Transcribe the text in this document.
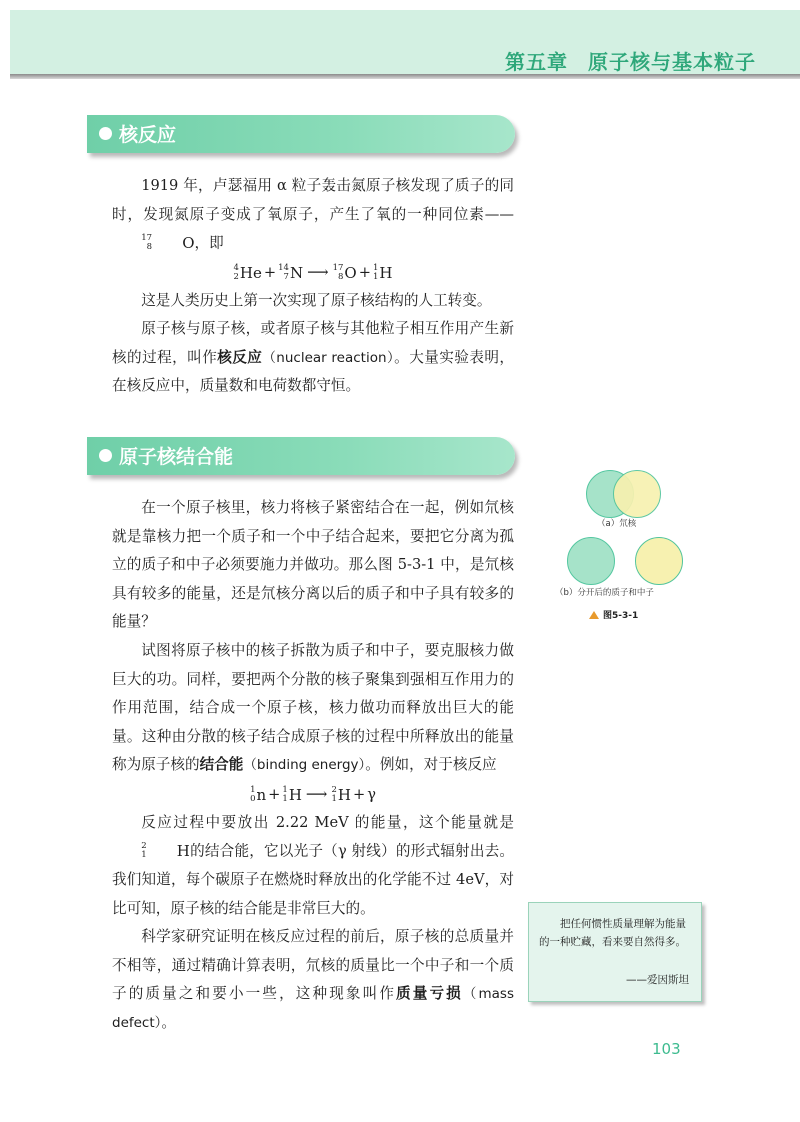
第五章 原子核与基本粒子
核反应

1919 年，卢瑟福用 α 粒子轰击氮原子核发现了质子的同时，发现氮原子变成了氧原子，产生了氧的一种同位素——
17
8	O ，即

4
2 He + 14
7 N ⟶ 17
8 O + 1
1 H

这是人类历史上第一次实现了原子核结构的人工转变。

原子核与原子核，或者原子核与其他粒子相互作用产生新核的过程，叫作核反应（nuclear reaction）。大量实验表明，在核反应中，质量数和电荷数都守恒。

原子核结合能

在一个原子核里，核力将核子紧密结合在一起，例如氘核就是靠核力把一个质子和一个中子结合起来，要把它分离为孤立的质子和中子必须要施力并做功。那么图 5-3-1 中，是氘核具有较多的能量，还是氘核分离以后的质子和中子具有较多的能量？

试图将原子核中的核子拆散为质子和中子，要克服核力做巨大的功。同样，要把两个分散的核子聚集到强相互作用力的作用范围，结合成一个原子核，核力做功而释放出巨大的能量。这种由分散的核子结合成原子核的过程中所释放出的能量称为原子核的结合能（binding energy）。例如，对于核反应

1
0 n + 1
1 H ⟶ 2
1 H + γ

反应过程中要放出 2.22 MeV 的能量，这个能量就是
2
1	H 的结合能，它以光子（γ 射线）的形式辐射出去。我们知道，每个碳原子在燃烧时释放出的化学能不过 4eV，对比可知，原子核的结合能是非常巨大的。

科学家研究证明在核反应过程的前后，原子核的总质量并不相等，通过精确计算表明，氘核的质量比一个中子和一个质子的质量之和要小一些，这种现象叫作质量亏损（mass defect）。

（a）氘核
（b）分开后的质子和中子
图5-3-1
把任何惯性质量理解为能量的一种贮藏，看来要自然得多。
——爱因斯坦
103
